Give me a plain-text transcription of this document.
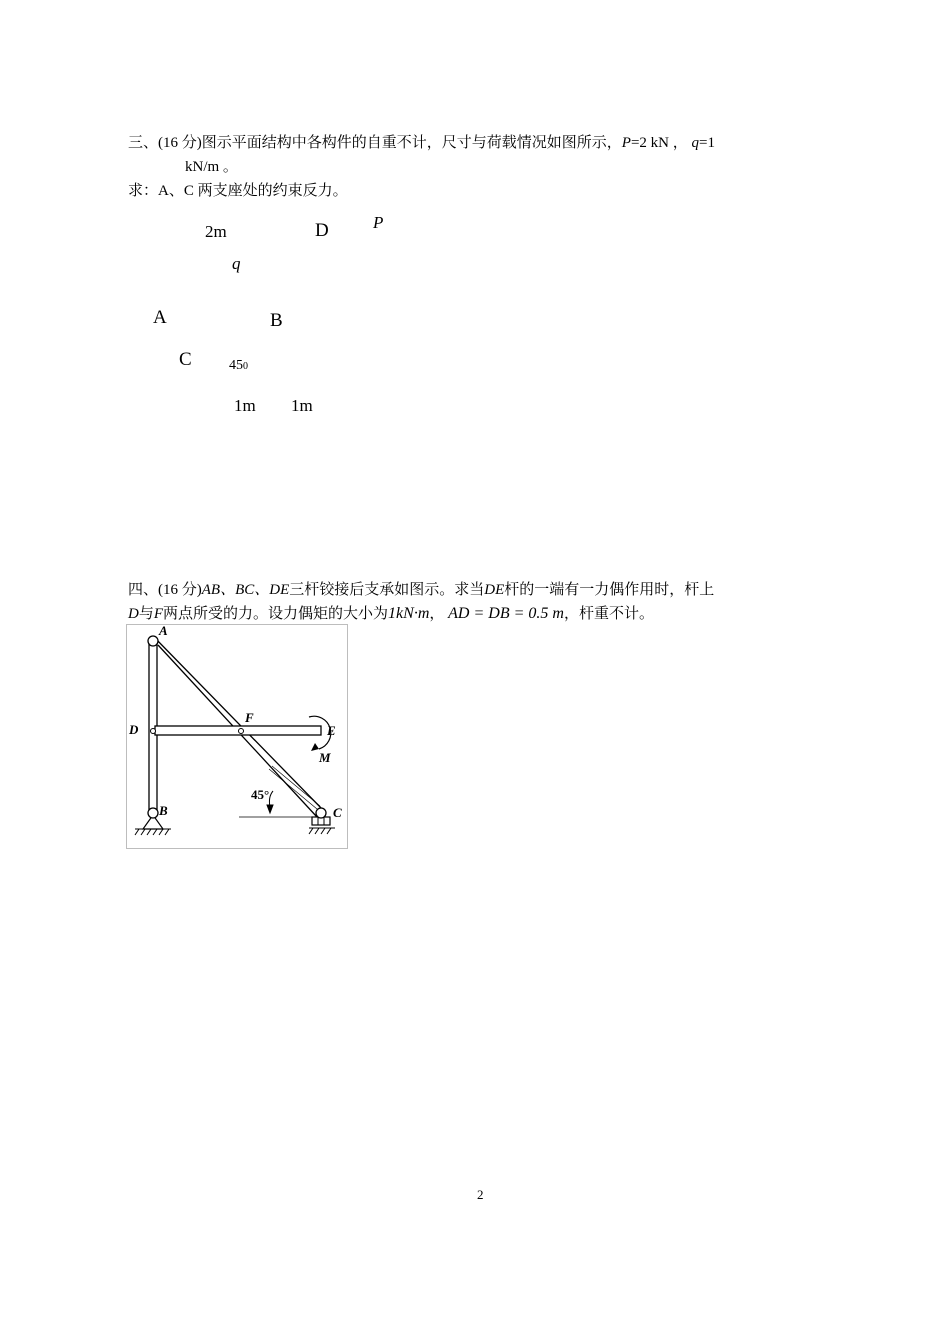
三、(16 分)图示平面结构中各构件的自重不计，尺寸与荷载情况如图所示，P=2 kN ， q=1
kN/m 。
求：A、C 两支座处的约束反力。
2m	D	P
q
A	B
C	450
1m 1m
四、(16 分)AB、BC、DE三杆铰接后支承如图示。求当DE杆的一端有一力偶作用时，杆上
D与F两点所受的力。设力偶矩的大小为1kN·m， AD = DB = 0.5 m，杆重不计。
A
D
F
E
M
45°
B	C
2
